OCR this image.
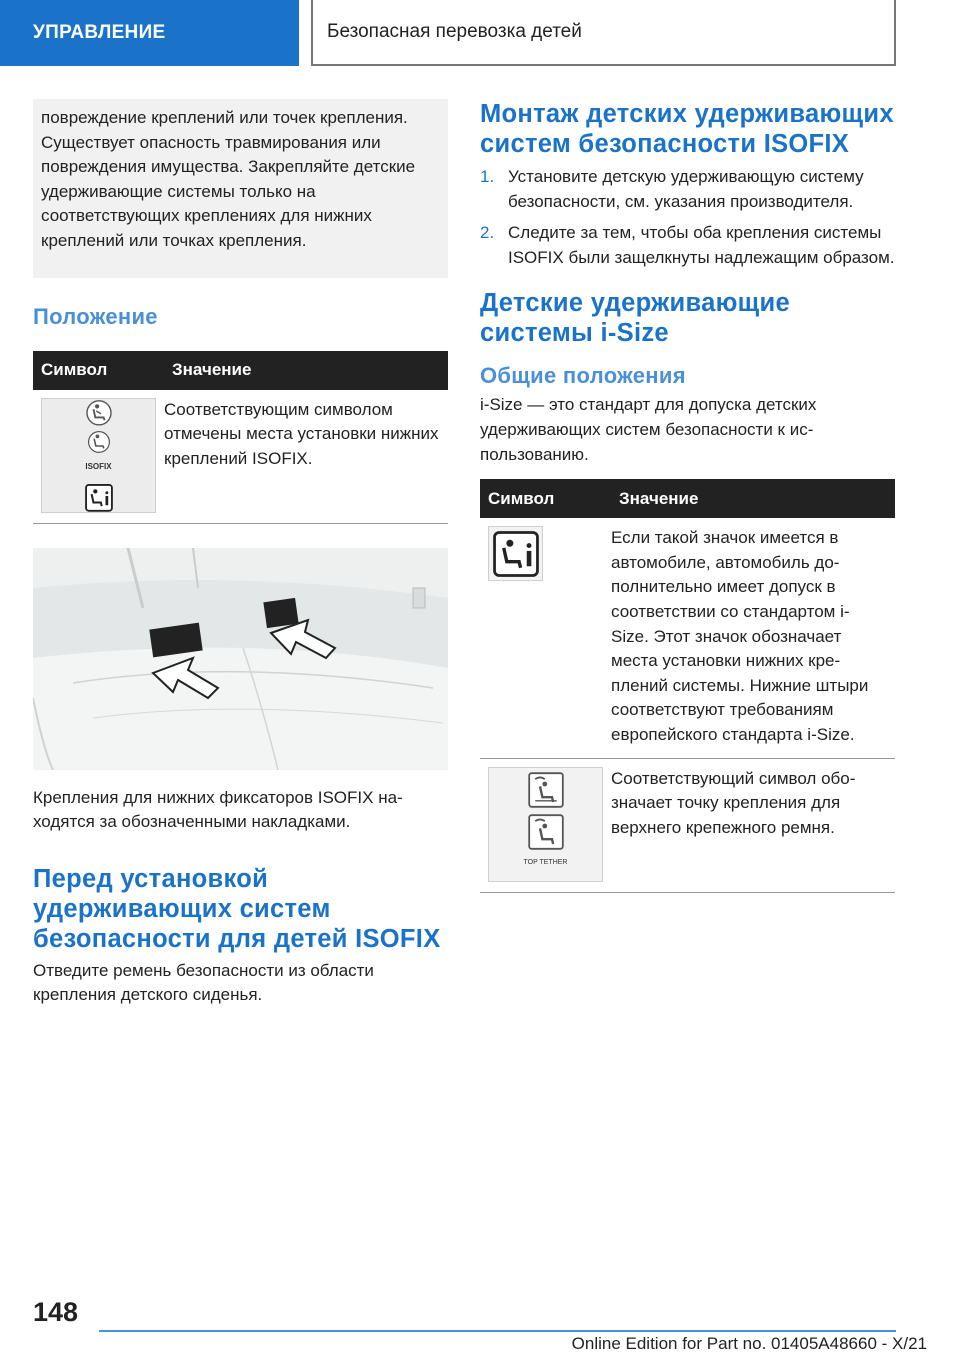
УПРАВЛЕНИЕ	Безопасная перевозка детей

повреждение креплений или точек крепления. Существует опасность травмирования или повреждения имущества. Закрепляйте детские удерживающие системы только на соответствующих креплениях для нижних креплений или точках крепления.

Положение
Символ	Значение

ISOFIX	Соответствующим символом отмечены места установки нижних креплений ISOFIX.

Крепления для нижних фиксаторов ISOFIX находятся за обозначенными накладками.

Перед установкой удерживающих систем безопасности для детей ISOFIX

Отведите ремень безопасности из области крепления детского сиденья.

Монтаж детских удерживающих систем безопасности ISOFIX
1. Установите детскую удерживающую систему безопасности, см. указания производителя.
2. Следите за тем, чтобы оба крепления системы ISOFIX были защелкнуты надлежащим образом.
Детские удерживающие системы i-Size
Общие положения

i-Size — это стандарт для допуска детских удерживающих систем безопасности к использованию.

Символ	Значение

	Если такой значок имеется в автомобиле, автомобиль дополнительно имеет допуск в соответствии со стандартом i-Size. Этот значок обозначает места установки нижних креплений системы. Нижние штыри соответствуют требованиям европейского стандарта i-Size.

TOP TETHER	Соответствующий символ обозначает точку крепления для верхнего крепежного ремня.
148
Online Edition for Part no. 01405A48660 - X/21
